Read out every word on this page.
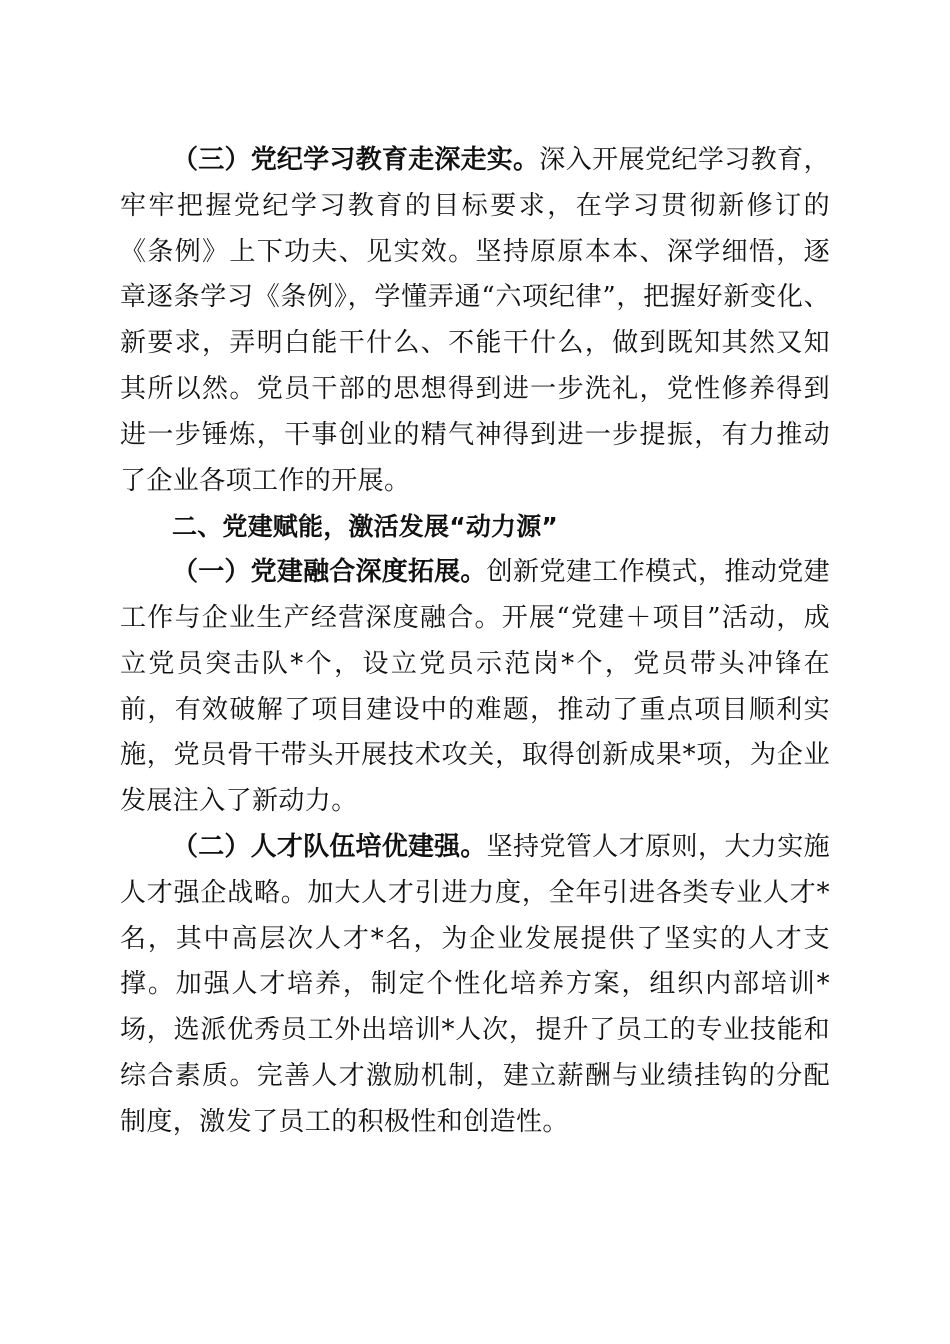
（三）党纪学习教育走深走实。深入开展党纪学习教育，牢牢把握党纪学习教育的目标要求，在学习贯彻新修订的《条例》上下功夫、见实效。坚持原原本本、深学细悟，逐章逐条学习《条例》，学懂弄通“六项纪律”，把握好新变化、新要求，弄明白能干什么、不能干什么，做到既知其然又知其所以然。党员干部的思想得到进一步洗礼，党性修养得到进一步锤炼，干事创业的精气神得到进一步提振，有力推动了企业各项工作的开展。

二、党建赋能，激活发展“动力源”

（一）党建融合深度拓展。创新党建工作模式，推动党建工作与企业生产经营深度融合。开展“党建＋项目”活动，成立党员突击队*个，设立党员示范岗*个，党员带头冲锋在前，有效破解了项目建设中的难题，推动了重点项目顺利实施，党员骨干带头开展技术攻关，取得创新成果*项，为企业发展注入了新动力。

（二）人才队伍培优建强。坚持党管人才原则，大力实施人才强企战略。加大人才引进力度，全年引进各类专业人才*名，其中高层次人才*名，为企业发展提供了坚实的人才支撑。加强人才培养，制定个性化培养方案，组织内部培训*场，选派优秀员工外出培训*人次，提升了员工的专业技能和综合素质。完善人才激励机制，建立薪酬与业绩挂钩的分配制度，激发了员工的积极性和创造性。
